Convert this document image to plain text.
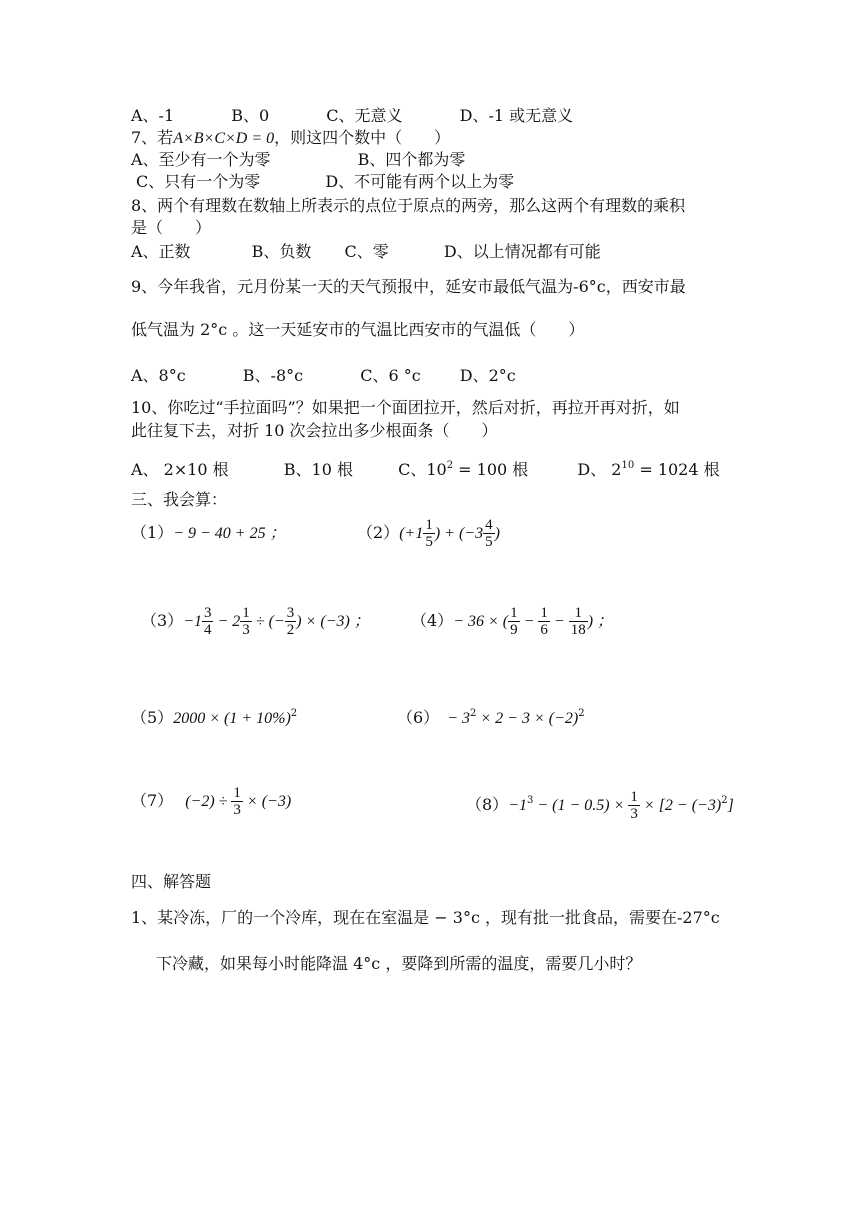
A、-1	B、0	C、无意义	D、-1 或无意义
7、若A×B×C×D = 0，则这四个数中（　　）
A、至少有一个为零	B、四个都为零
C、只有一个为零	D、不可能有两个以上为零
8、两个有理数在数轴上所表示的点位于原点的两旁，那么这两个有理数的乘积
是（　　）
A、正数	B、负数 C、零	D、以上情况都有可能
9、今年我省，元月份某一天的天气预报中，延安市最低气温为-6°c，西安市最
低气温为 2°c 。这一天延安市的气温比西安市的气温低（　　）
A、8°c	B、-8°c	C、6 °c D、2°c
10、你吃过“手拉面吗”？如果把一个面团拉开，然后对折，再拉开再对折，如
此往复下去，对折 10 次会拉出多少根面条（　　）
A、 2×10 根	B、10 根	C、$10^2 = 100$ 根	D、 $2^{10} = 1024$ 根
三、我会算：
（1）− 9 − 40 + 25 ；	$(2)(+1 \frac{1}{5}$ ) + ($-3 \frac{4}{5}$ )
$(3)-1 \frac{3}{4} - 2 \frac{1}{3}$ ÷ (− $\frac{3}{2}$ ) × (−3) ；	（4）− 36 × ( $\frac{1}{9} - \frac{1}{6} - \frac{1}{18}$ ) ；
$(5)2000 \times (1 + 10\%)^2$	$(6) - 3^2 \times 2 - 3 \times (-2)^2$
（7） $(-2) \div \frac{1}{3} \times (-3)$	$(8)-1^3 - (1 - 0.5) \times \frac{1}{3} \times [2 - (-3)^2]$
四、解答题
1、某冷冻，厂的一个冷库，现在在室温是 − 3°c ，现有批一批食品，需要在-27°c
下冷藏，如果每小时能降温 4°c ，要降到所需的温度，需要几小时？
